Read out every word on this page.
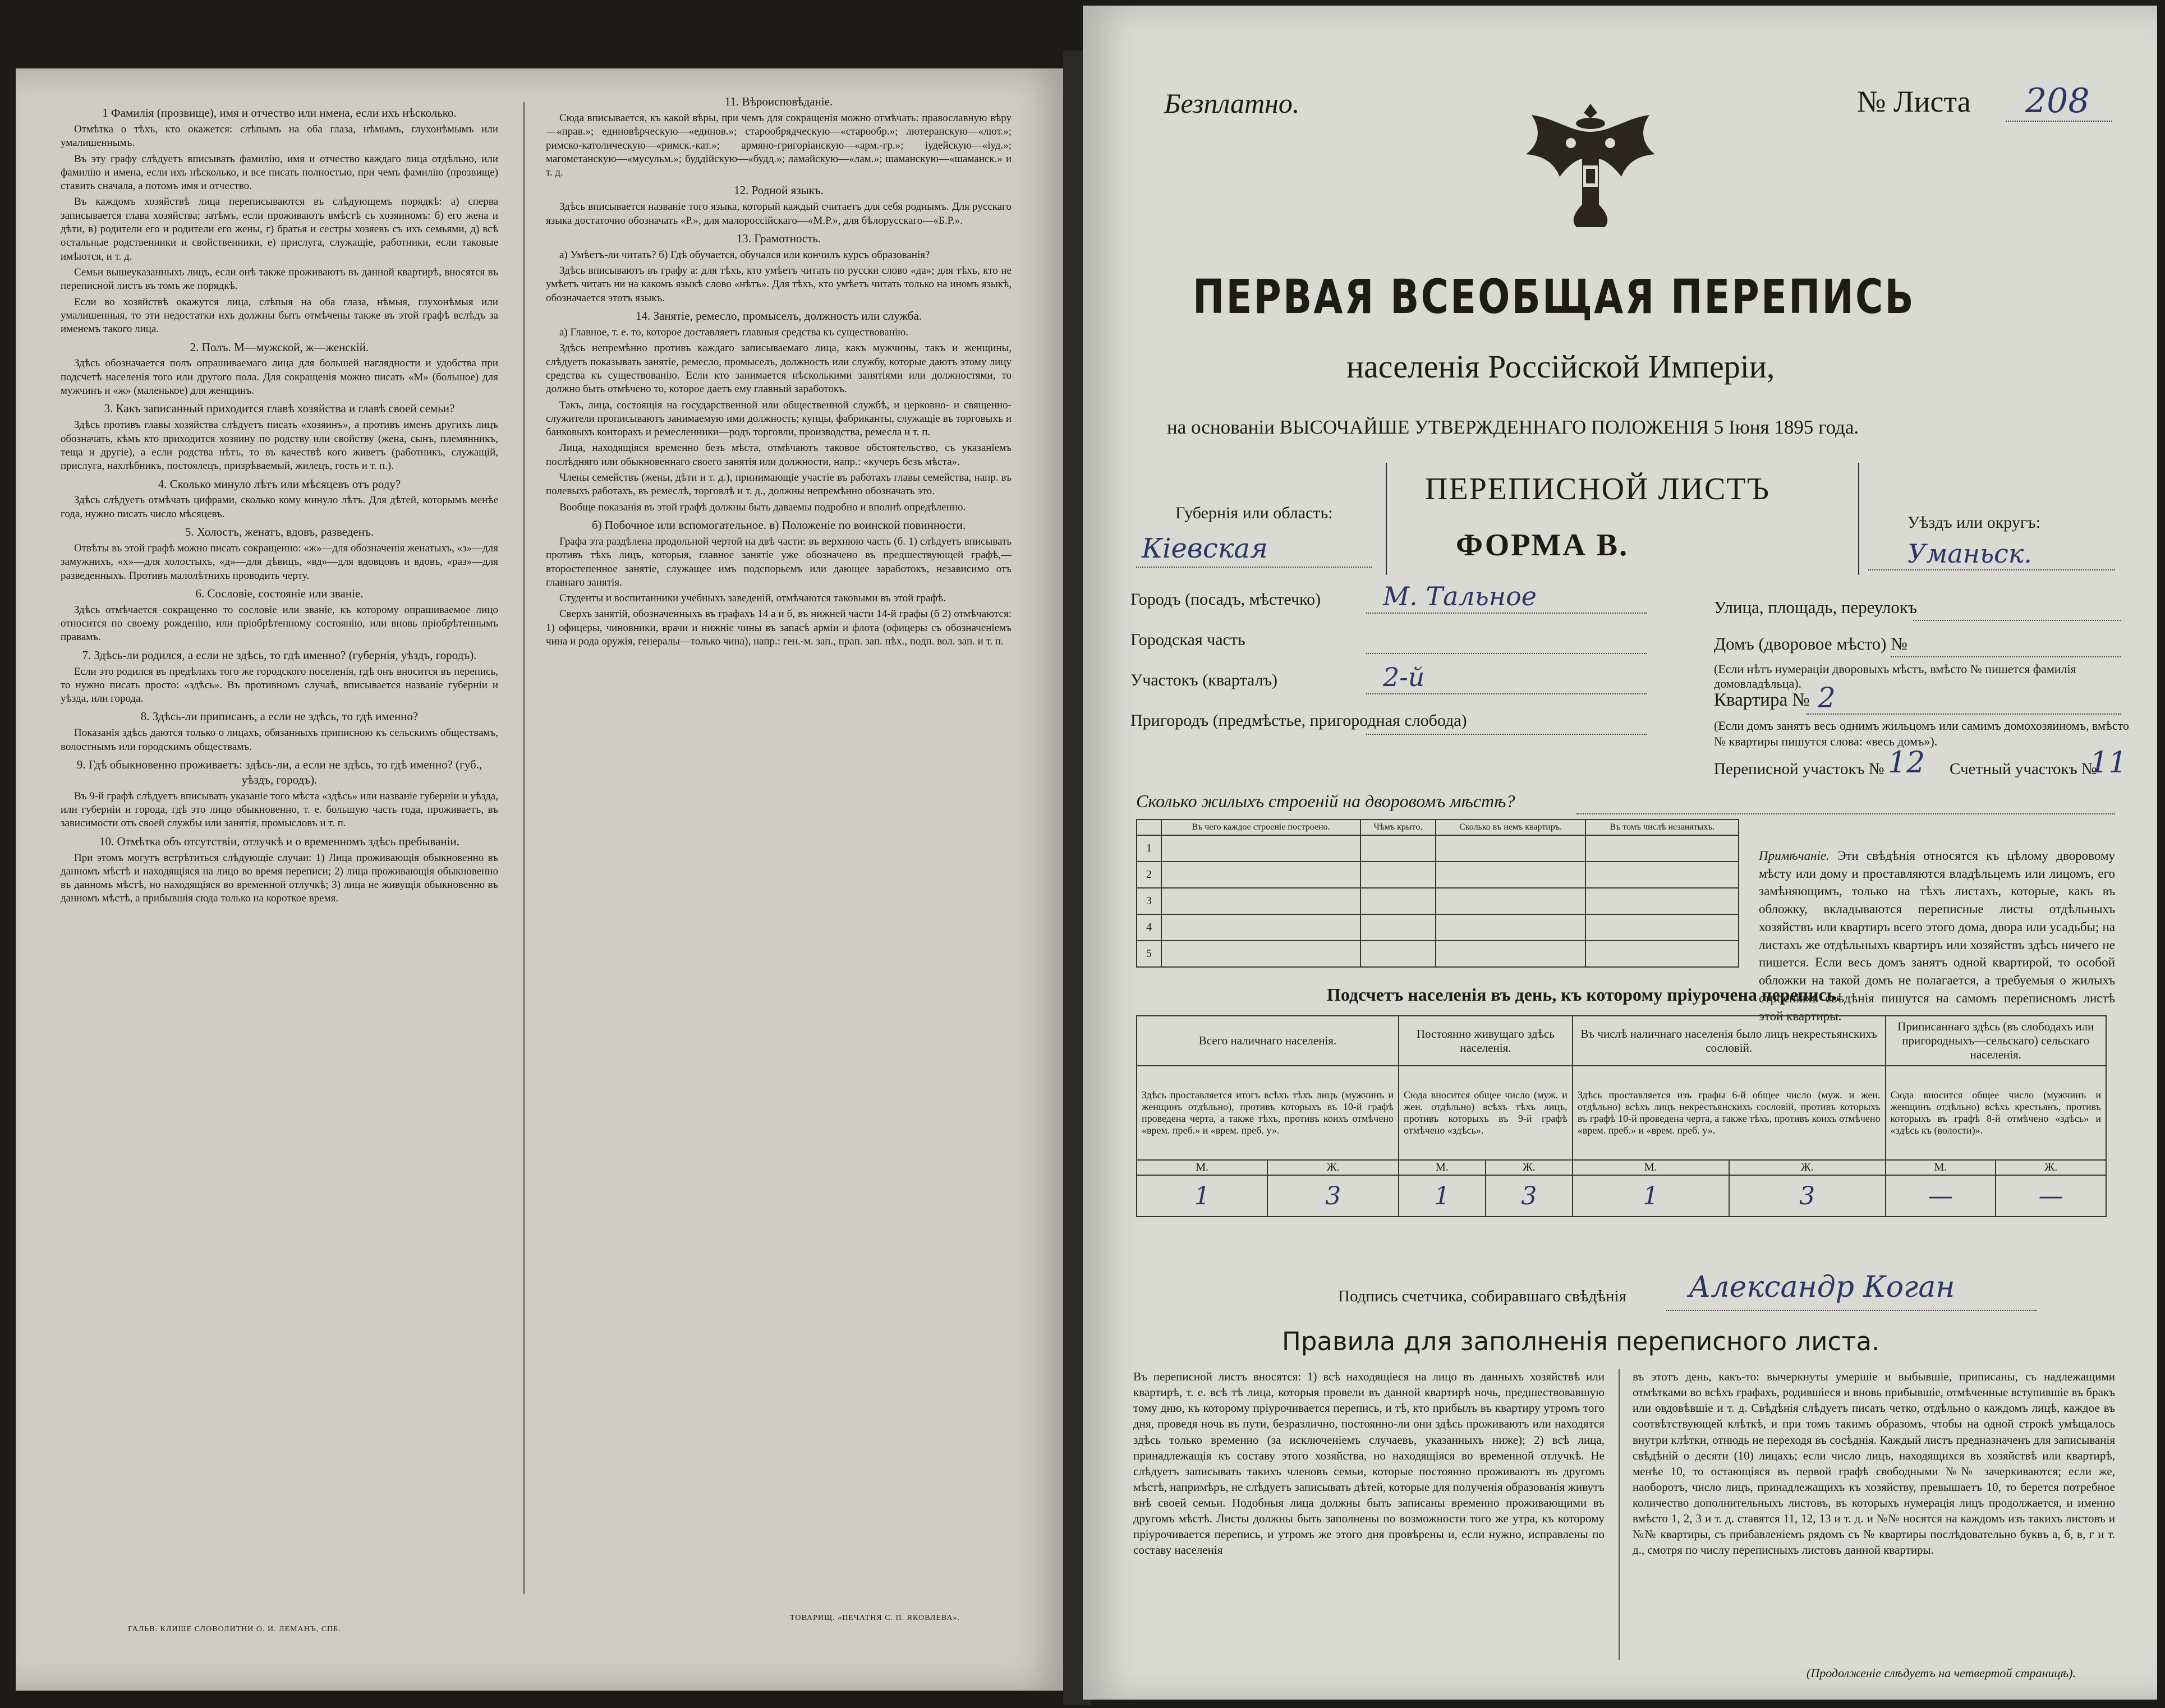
1 Фамилія (прозвище), имя и отчество или имена, если ихъ нѣсколько.

Отмѣтка о тѣхъ, кто окажется: слѣпымъ на оба глаза, нѣмымъ, глухонѣмымъ или умалишеннымъ.

Въ эту графу слѣдуетъ вписывать фамилію, имя и отчество каждаго лица отдѣльно, или фамилію и имена, если ихъ нѣсколько, и все писать полностью, при чемъ фамилію (прозвище) ставить сначала, а потомъ имя и отчество.

Въ каждомъ хозяйствѣ лица переписываются въ слѣдующемъ порядкѣ: а) сперва записывается глава хозяйства; затѣмъ, если проживаютъ вмѣстѣ съ хозяиномъ: б) его жена и дѣти, в) родители его и родители его жены, г) братья и сестры хозяевъ съ ихъ семьями, д) всѣ остальные родственники и свойственники, е) прислуга, служащіе, работники, если таковые имѣются, и т. д.

Семьи вышеуказанныхъ лицъ, если онѣ также проживаютъ въ данной квартирѣ, вносятся въ переписной листъ въ томъ же порядкѣ.

Если во хозяйствѣ окажутся лица, слѣпыя на оба глаза, нѣмыя, глухонѣмыя или умалишенныя, то эти недостатки ихъ должны быть отмѣчены также въ этой графѣ вслѣдъ за именемъ такого лица.

2. Полъ. М—мужской, ж—женскій.

Здѣсь обозначается полъ опрашиваемаго лица для большей наглядности и удобства при подсчетѣ населенія того или другого пола. Для сокращенія можно писать «М» (большое) для мужчинъ и «ж» (маленькое) для женщинъ.

3. Какъ записанный приходится главѣ хозяйства и главѣ своей семьи?

Здѣсь противъ главы хозяйства слѣдуетъ писать «хозяинъ», а противъ именъ другихъ лицъ обозначать, кѣмъ кто приходится хозяину по родству или свойству (жена, сынъ, племянникъ, теща и другіе), а если родства нѣтъ, то въ качествѣ кого живетъ (работникъ, служащій, прислуга, нахлѣбникъ, постоялецъ, призрѣваемый, жилецъ, гость и т. п.).

4. Сколько минуло лѣтъ или мѣсяцевъ отъ роду?

Здѣсь слѣдуетъ отмѣчать цифрами, сколько кому минуло лѣтъ. Для дѣтей, которымъ менѣе года, нужно писать число мѣсяцевъ.

5. Холостъ, женатъ, вдовъ, разведенъ.

Отвѣты въ этой графѣ можно писать сокращенно: «ж»—для обозначенія женатыхъ, «з»—для замужнихъ, «х»—для холостыхъ, «д»—для дѣвицъ, «вд»—для вдовцовъ и вдовъ, «раз»—для разведенныхъ. Противъ малолѣтнихъ проводить черту.

6. Сословіе, состояніе или званіе.

Здѣсь отмѣчается сокращенно то сословіе или званіе, къ которому опрашиваемое лицо относится по своему рожденію, или пріобрѣтенному состоянію, или вновь пріобрѣтеннымъ правамъ.

7. Здѣсь-ли родился, а если не здѣсь, то гдѣ именно? (губернія, уѣздъ, городъ).

Если это родился въ предѣлахъ того же городского поселенія, гдѣ онъ вносится въ перепись, то нужно писать просто: «здѣсь». Въ противномъ случаѣ, вписывается названіе губерніи и уѣзда, или города.

8. Здѣсь-ли приписанъ, а если не здѣсь, то гдѣ именно?

Показанія здѣсь даются только о лицахъ, обязанныхъ приписною къ сельскимъ обществамъ, волостнымъ или городскимъ обществамъ.

9. Гдѣ обыкновенно проживаетъ: здѣсь-ли, а если не здѣсь, то гдѣ именно? (губ., уѣздъ, городъ).

Въ 9-й графѣ слѣдуетъ вписывать указаніе того мѣста «здѣсь» или названіе губерніи и уѣзда, или губерніи и города, гдѣ это лицо обыкновенно, т. е. большую часть года, проживаетъ, въ зависимости отъ своей службы или занятія, промысловъ и т. п.

10. Отмѣтка объ отсутствіи, отлучкѣ и о временномъ здѣсь пребываніи.

При этомъ могутъ встрѣтиться слѣдующіе случаи: 1) Лица проживающія обыкновенно въ данномъ мѣстѣ и находящіяся на лицо во время переписи; 2) лица проживающія обыкновенно въ данномъ мѣстѣ, но находящіяся во временной отлучкѣ; 3) лица не живущія обыкновенно въ данномъ мѣстѣ, а прибывшія сюда только на короткое время.

11. Вѣроисповѣданіе.

Сюда вписывается, къ какой вѣры, при чемъ для сокращенія можно отмѣчать: православную вѣру—«прав.»; единовѣрческую—«единов.»; старообрядческую—«старообр.»; лютеранскую—«лют.»; римско-католическую—«римск.-кат.»; армяно-григоріанскую—«арм.-гр.»; іудейскую—«іуд.»; магометанскую—«мусульм.»; буддійскую—«будд.»; ламайскую—«лам.»; шаманскую—«шаманск.» и т. д.

12. Родной языкъ.

Здѣсь вписывается названіе того языка, который каждый считаетъ для себя роднымъ. Для русскаго языка достаточно обозначать «Р.», для малороссійскаго—«М.Р.», для бѣлорусскаго—«Б.Р.».

13. Грамотность.

а) Умѣетъ-ли читать? б) Гдѣ обучается, обучался или кончилъ курсъ образованія?

Здѣсь вписываютъ въ графу а: для тѣхъ, кто умѣетъ читать по русски слово «да»; для тѣхъ, кто не умѣетъ читать ни на какомъ языкѣ слово «нѣтъ». Для тѣхъ, кто умѣетъ читать только на иномъ языкѣ, обозначается этотъ языкъ.

14. Занятіе, ремесло, промыселъ, должность или служба.

а) Главное, т. е. то, которое доставляетъ главныя средства къ существованію.

Здѣсь непремѣнно противъ каждаго записываемаго лица, какъ мужчины, такъ и женщины, слѣдуетъ показывать занятіе, ремесло, промыселъ, должность или службу, которые даютъ этому лицу средства къ существованію. Если кто занимается нѣсколькими занятіями или должностями, то должно быть отмѣчено то, которое даетъ ему главный заработокъ.

Такъ, лица, состоящія на государственной или общественной службѣ, и церковно- и священно-служители прописываютъ занимаемую ими должность; купцы, фабриканты, служащіе въ торговыхъ и банковыхъ конторахъ и ремесленники—родъ торговли, производства, ремесла и т. п.

Лица, находящіяся временно безъ мѣста, отмѣчаютъ таковое обстоятельство, съ указаніемъ послѣдняго или обыкновеннаго своего занятія или должности, напр.: «кучеръ безъ мѣста».

Члены семействъ (жены, дѣти и т. д.), принимающіе участіе въ работахъ главы семейства, напр. въ полевыхъ работахъ, въ ремеслѣ, торговлѣ и т. д., должны непремѣнно обозначать это.

Вообще показанія въ этой графѣ должны быть даваемы подробно и вполнѣ опредѣленно.

б) Побочное или вспомогательное. в) Положеніе по воинской повинности.

Графа эта раздѣлена продольной чертой на двѣ части: въ верхнюю часть (б. 1) слѣдуетъ вписывать противъ тѣхъ лицъ, которыя, главное занятіе уже обозначено въ предшествующей графѣ,—второстепенное занятіе, служащее имъ подспорьемъ или дающее заработокъ, независимо отъ главнаго занятія.

Студенты и воспитанники учебныхъ заведеній, отмѣчаются таковыми въ этой графѣ.

Сверхъ занятій, обозначенныхъ въ графахъ 14 а и б, въ нижней части 14-й графы (б 2) отмѣчаются: 1) офицеры, чиновники, врачи и нижніе чины въ запасѣ арміи и флота (офицеры съ обозначеніемъ чина и рода оружія, генералы—только чина), напр.: ген.-м. зап., прап. зап. пѣх., подп. вол. зап. и т. п.

ГАЛЬВ. КЛИШЕ СЛОВОЛИТНИ О. И. ЛЕМАНЪ, СПБ.
ТОВАРИЩ. «ПЕЧАТНЯ С. П. ЯКОВЛЕВА».
Безплатно.	№ Листа 208
ПЕРВАЯ ВСЕОБЩАЯ ПЕРЕПИСЬ
населенія Россійской Имперіи,
на основаніи ВЫСОЧАЙШЕ УТВЕРЖДЕННАГО ПОЛОЖЕНІЯ 5 Іюня 1895 года.
ПЕРЕПИСНОЙ ЛИСТЪ
ФОРМА В.
Губернія или область:
Кіевская
Уѣздъ или округъ:
Уманьск.
Городъ (посадъ, мѣстечко) М. Тальное
Городская часть
Участокъ (кварталъ)	2-й
Пригородъ (предмѣстье, пригородная слобода)
Улица, площадь, переулокъ
Домъ (дворовое мѣсто) №
(Если нѣтъ нумераціи дворовыхъ мѣстъ, вмѣсто № пишется фамилія домовладѣльца).
Квартира № 2
(Если домъ занятъ весь однимъ жильцомъ или самимъ домохозяиномъ, вмѣсто № квартиры пишутся слова: «весь домъ»).
Переписной участокъ № 12 Счетный участокъ №
11
Сколько жилыхъ строеній на дворовомъ мѣстѣ?
	Въ чего каждое строеніе построено.	Чѣмъ крыто.	Сколько въ немъ квартиръ.	Въ томъ числѣ незанятыхъ.
1				
2				
3				
4				
5				
Примѣчаніе. Эти свѣдѣнія относятся къ цѣлому дворовому мѣсту или дому и проставляются владѣльцемъ или лицомъ, его замѣняющимъ, только на тѣхъ листахъ, которые, какъ въ обложку, вкладываются переписные листы отдѣльныхъ хозяйствъ или квартиръ всего этого дома, двора или усадьбы; на листахъ же отдѣльныхъ квартиръ или хозяйствъ здѣсь ничего не пишется. Если весь домъ занятъ одной квартирой, то особой обложки на такой домъ не полагается, а требуемыя о жилыхъ строеніяхъ свѣдѣнія пишутся на самомъ переписномъ листѣ этой квартиры.
Подсчетъ населенія въ день, къ которому пріурочена перепись.
Всего наличнаго населенія.		Постоянно живущаго здѣсь населенія.		Въ числѣ наличнаго населенія было лицъ некрестьянскихъ сословій.		Приписаннаго здѣсь (въ слободахъ или пригородныхъ—сельскаго) сельскаго населенія.	
Здѣсь проставляется итогъ всѣхъ тѣхъ лицъ (мужчинъ и женщинъ отдѣльно), противъ которыхъ въ 10-й графѣ проведена черта, а также тѣхъ, противъ коихъ отмѣчено «врем. преб.» и «врем. преб. у».		Сюда вносится общее число (муж. и жен. отдѣльно) всѣхъ тѣхъ лицъ, противъ которыхъ въ 9-й графѣ отмѣчено «здѣсь».		Здѣсь проставляется изъ графы 6-й общее число (муж. и жен. отдѣльно) всѣхъ лицъ некрестьянскихъ сословій, противъ которыхъ въ графѣ 10-й проведена черта, а также тѣхъ, противъ коихъ отмѣчено «врем. преб.» и «врем. преб. у».		Сюда вносится общее число (мужчинъ и женщинъ отдѣльно) всѣхъ крестьянъ, противъ которыхъ въ графѣ 8-й отмѣчено «здѣсь» и «здѣсь къ (волости)».	
М.	Ж.	М.	Ж.	М.	Ж.	М.	Ж.
1	3	1	3	1	3	—	—
Подпись счетчика, собиравшаго свѣдѣнія Александр Коган
Правила для заполненія переписного листа.
Въ переписной листъ вносятся: 1) всѣ находящіеся на лицо въ данныхъ хозяйствѣ или квартирѣ, т. е. всѣ тѣ лица, которыя провели въ данной квартирѣ ночь, предшествовавшую тому дню, къ которому пріурочивается перепись, и тѣ, кто прибылъ въ квартиру утромъ того дня, проведя ночь въ пути, безразлично, постоянно-ли они здѣсь проживаютъ или находятся здѣсь только временно (за исключеніемъ случаевъ, указанныхъ ниже); 2) всѣ лица, принадлежащія къ составу этого хозяйства, но находящіяся во временной отлучкѣ. Не слѣдуетъ записывать такихъ членовъ семьи, которые постоянно проживаютъ въ другомъ мѣстѣ, напримѣръ, не слѣдуетъ записывать дѣтей, которые для полученія образованія живутъ внѣ своей семьи. Подобныя лица должны быть записаны временно проживающими въ другомъ мѣстѣ. Листы должны быть заполнены по возможности того же утра, къ которому пріурочивается перепись, и утромъ же этого дня провѣрены и, если нужно, исправлены по составу населенія
въ этотъ день, какъ-то: вычеркнуты умершіе и выбывшіе, приписаны, съ надлежащими отмѣтками во всѣхъ графахъ, родившіеся и вновь прибывшіе, отмѣченные вступившіе въ бракъ или овдовѣвшіе и т. д. Свѣдѣнія слѣдуетъ писать четко, отдѣльно о каждомъ лицѣ, каждое въ соотвѣтствующей клѣткѣ, и при томъ такимъ образомъ, чтобы на одной строкѣ умѣщалось внутри клѣтки, отнюдь не переходя въ сосѣднія. Каждый листъ предназначенъ для записыванія свѣдѣній о десяти (10) лицахъ; если число лицъ, находящихся въ хозяйствѣ или квартирѣ, менѣе 10, то остающіяся въ первой графѣ свободными №№ зачеркиваются; если же, наоборотъ, число лицъ, принадлежащихъ къ хозяйству, превышаетъ 10, то берется потребное количество дополнительныхъ листовъ, въ которыхъ нумерація лицъ продолжается, и именно вмѣсто 1, 2, 3 и т. д. ставятся 11, 12, 13 и т. д. и №№ носятся на каждомъ изъ такихъ листовъ и №№ квартиры, съ прибавленіемъ рядомъ съ № квартиры послѣдовательно буквъ а, б, в, г и т. д., смотря по числу переписныхъ листовъ данной квартиры.
(Продолженіе слѣдуетъ на четвертой страницѣ).
